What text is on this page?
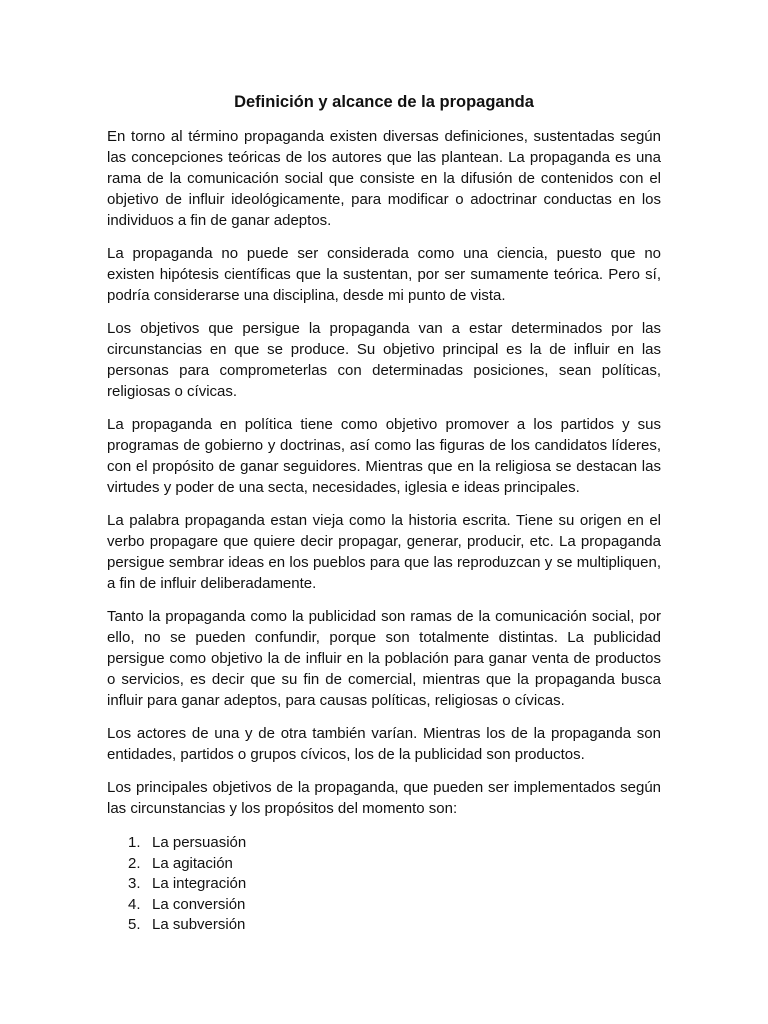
Definición y alcance de la propaganda

En torno al término propaganda existen diversas definiciones, sustentadas según las concepciones teóricas de los autores que las plantean. La propaganda es una rama de la comunicación social que consiste en la difusión de contenidos con el objetivo de influir ideológicamente, para modificar o adoctrinar conductas en los individuos a fin de ganar adeptos.

La propaganda no puede ser considerada como una ciencia, puesto que no existen hipótesis científicas que la sustentan, por ser sumamente teórica. Pero sí, podría considerarse una disciplina, desde mi punto de vista.

Los objetivos que persigue la propaganda van a estar determinados por las circunstancias en que se produce. Su objetivo principal es la de influir en las personas para comprometerlas con determinadas posiciones, sean políticas, religiosas o cívicas.

La propaganda en política tiene como objetivo promover a los partidos y sus programas de gobierno y doctrinas, así como las figuras de los candidatos líderes, con el propósito de ganar seguidores. Mientras que en la religiosa se destacan las virtudes y poder de una secta, necesidades, iglesia e ideas principales.

La palabra propaganda estan vieja como la historia escrita. Tiene su origen en el verbo propagare que quiere decir propagar, generar, producir, etc. La propaganda persigue sembrar ideas en los pueblos para que las reproduzcan y se multipliquen, a fin de influir deliberadamente.

Tanto la propaganda como la publicidad son ramas de la comunicación social, por ello, no se pueden confundir, porque son totalmente distintas. La publicidad persigue como objetivo la de influir en la población para ganar venta de productos o servicios, es decir que su fin de comercial, mientras que la propaganda busca influir para ganar adeptos, para causas políticas, religiosas o cívicas.

Los actores de una y de otra también varían. Mientras los de la propaganda son entidades, partidos o grupos cívicos, los de la publicidad son productos.

Los principales objetivos de la propaganda, que pueden ser implementados según las circunstancias y los propósitos del momento son:

1. La persuasión
2. La agitación
3. La integración
4. La conversión
5. La subversión
